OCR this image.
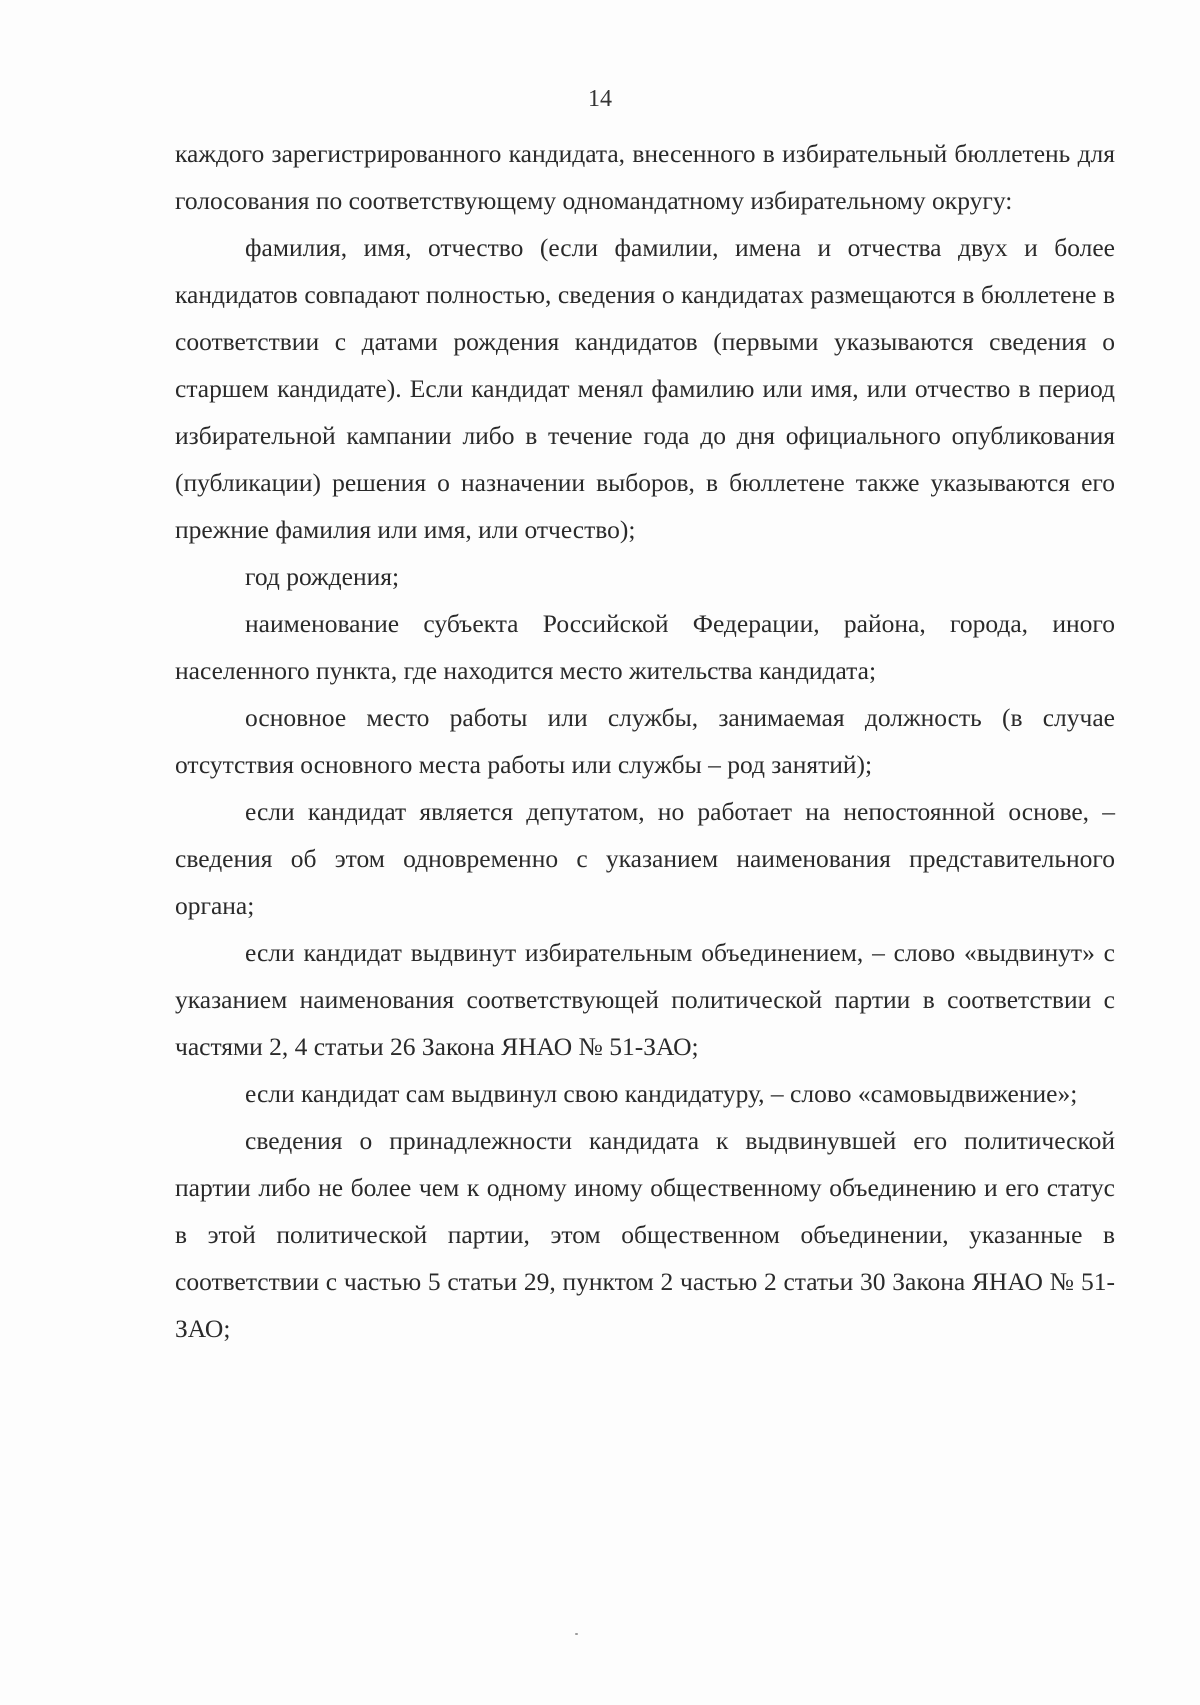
14

каждого зарегистрированного кандидата, внесенного в избирательный бюллетень для голосования по соответствующему одномандатному избирательному округу:

фамилия, имя, отчество (если фамилии, имена и отчества двух и более кандидатов совпадают полностью, сведения о кандидатах размещаются в бюллетене в соответствии с датами рождения кандидатов (первыми указываются сведения о старшем кандидате). Если кандидат менял фамилию или имя, или отчество в период избирательной кампании либо в течение года до дня официального опубликования (публикации) решения о назначении выборов, в бюллетене также указываются его прежние фамилия или имя, или отчество);

год рождения;

наименование субъекта Российской Федерации, района, города, иного населенного пункта, где находится место жительства кандидата;

основное место работы или службы, занимаемая должность (в случае отсутствия основного места работы или службы – род занятий);

если кандидат является депутатом, но работает на непостоянной основе, – сведения об этом одновременно с указанием наименования представительного органа;

если кандидат выдвинут избирательным объединением, – слово «выдвинут» с указанием наименования соответствующей политической партии в соответствии с частями 2, 4 статьи 26 Закона ЯНАО № 51-ЗАО;

если кандидат сам выдвинул свою кандидатуру, – слово «самовыдвижение»;

сведения о принадлежности кандидата к выдвинувшей его политической партии либо не более чем к одному иному общественному объединению и его статус в этой политической партии, этом общественном объединении, указанные в соответствии с частью 5 статьи 29, пунктом 2 частью 2 статьи 30 Закона ЯНАО № 51-ЗАО;
